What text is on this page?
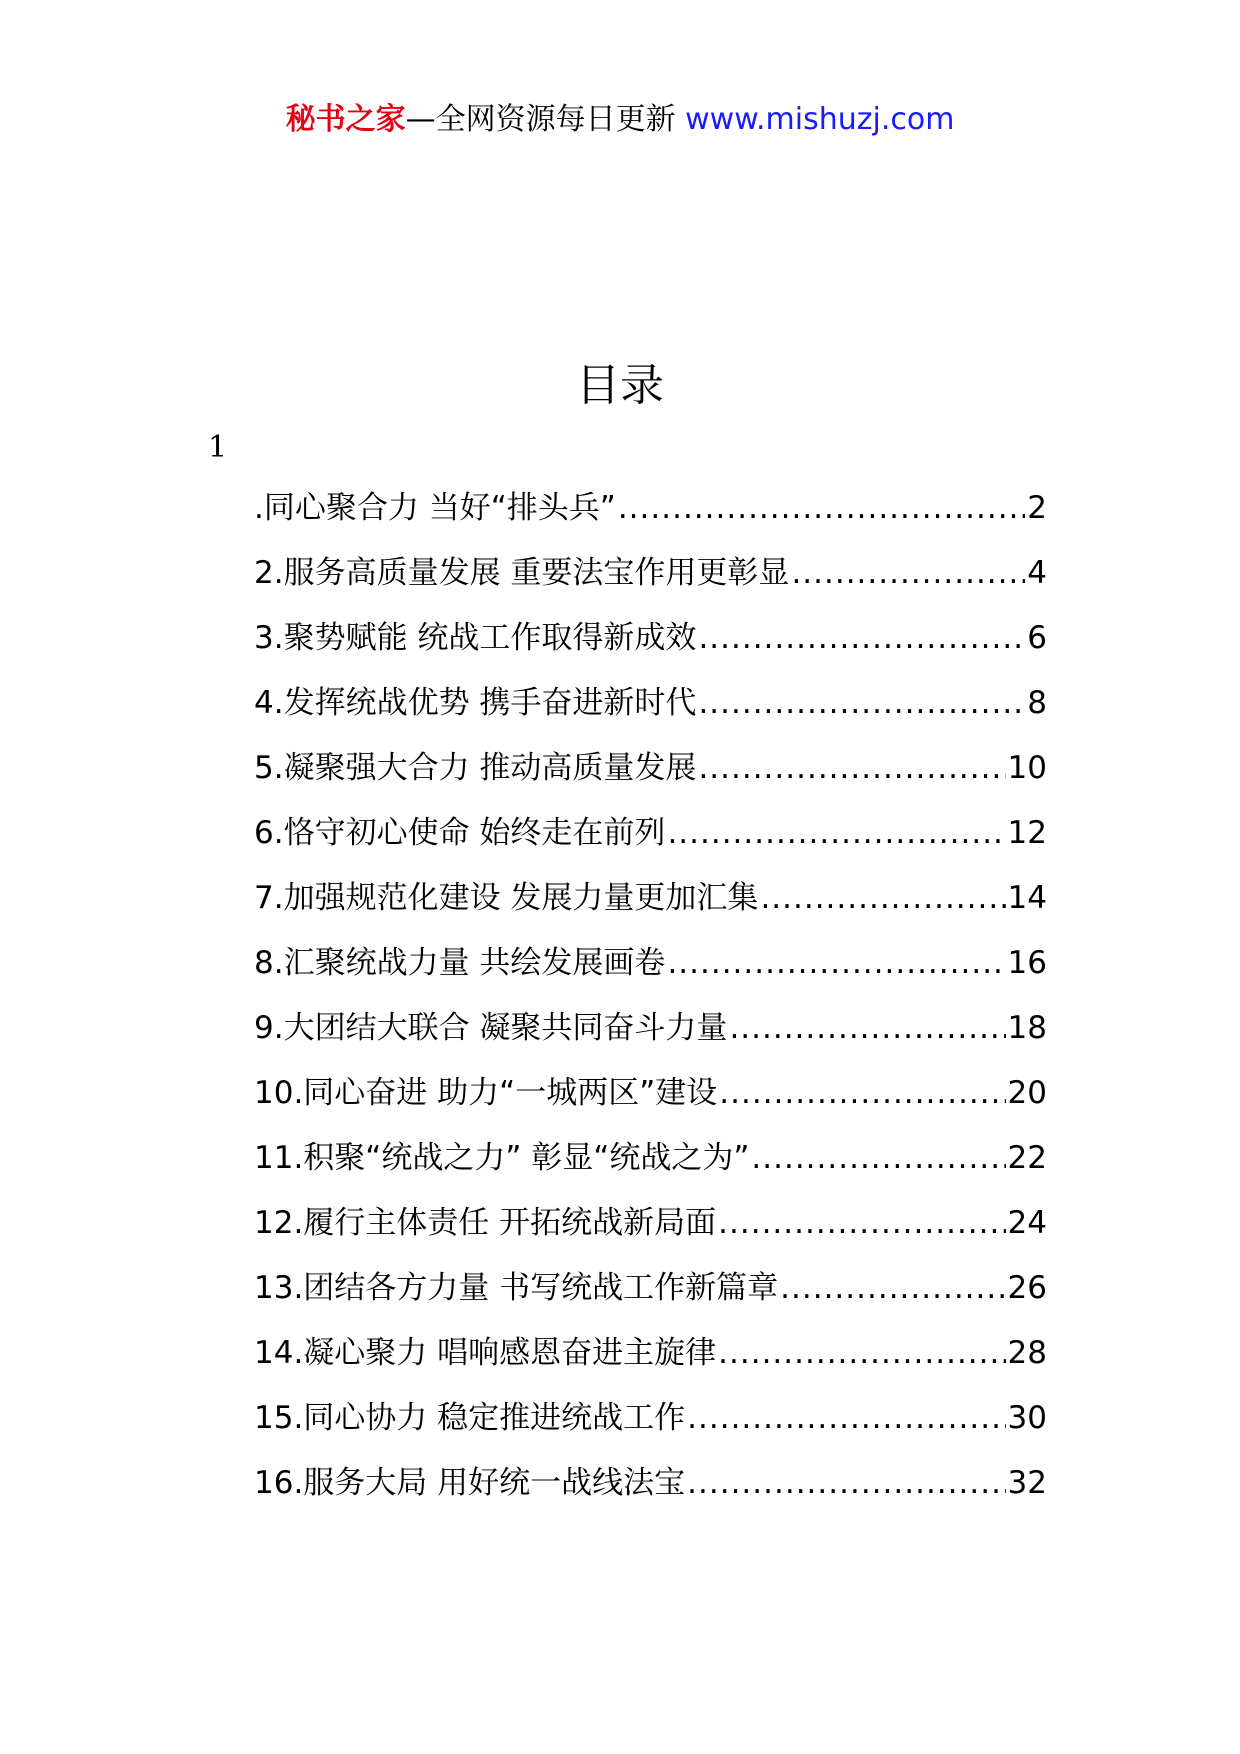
秘书之家—全网资源每日更新 www.mishuzj.com
目录
1
.同心聚合力 当好“排头兵” .....	2
2.服务高质量发展 重要法宝作用更彰显 .....	4
3.聚势赋能 统战工作取得新成效 .....	6
4.发挥统战优势 携手奋进新时代 .....	8
5.凝聚强大合力 推动高质量发展 .....	10
6.恪守初心使命 始终走在前列 .....	12
7.加强规范化建设 发展力量更加汇集 .....	14
8.汇聚统战力量 共绘发展画卷 .....	16
9.大团结大联合 凝聚共同奋斗力量 .....	18
10.同心奋进 助力“一城两区”建设 .....	20
11.积聚“统战之力” 彰显“统战之为” .....	22
12.履行主体责任 开拓统战新局面 .....	24
13.团结各方力量 书写统战工作新篇章 .....	26
14.凝心聚力 唱响感恩奋进主旋律 .....	28
15.同心协力 稳定推进统战工作 .....	30
16.服务大局 用好统一战线法宝 .....	32
